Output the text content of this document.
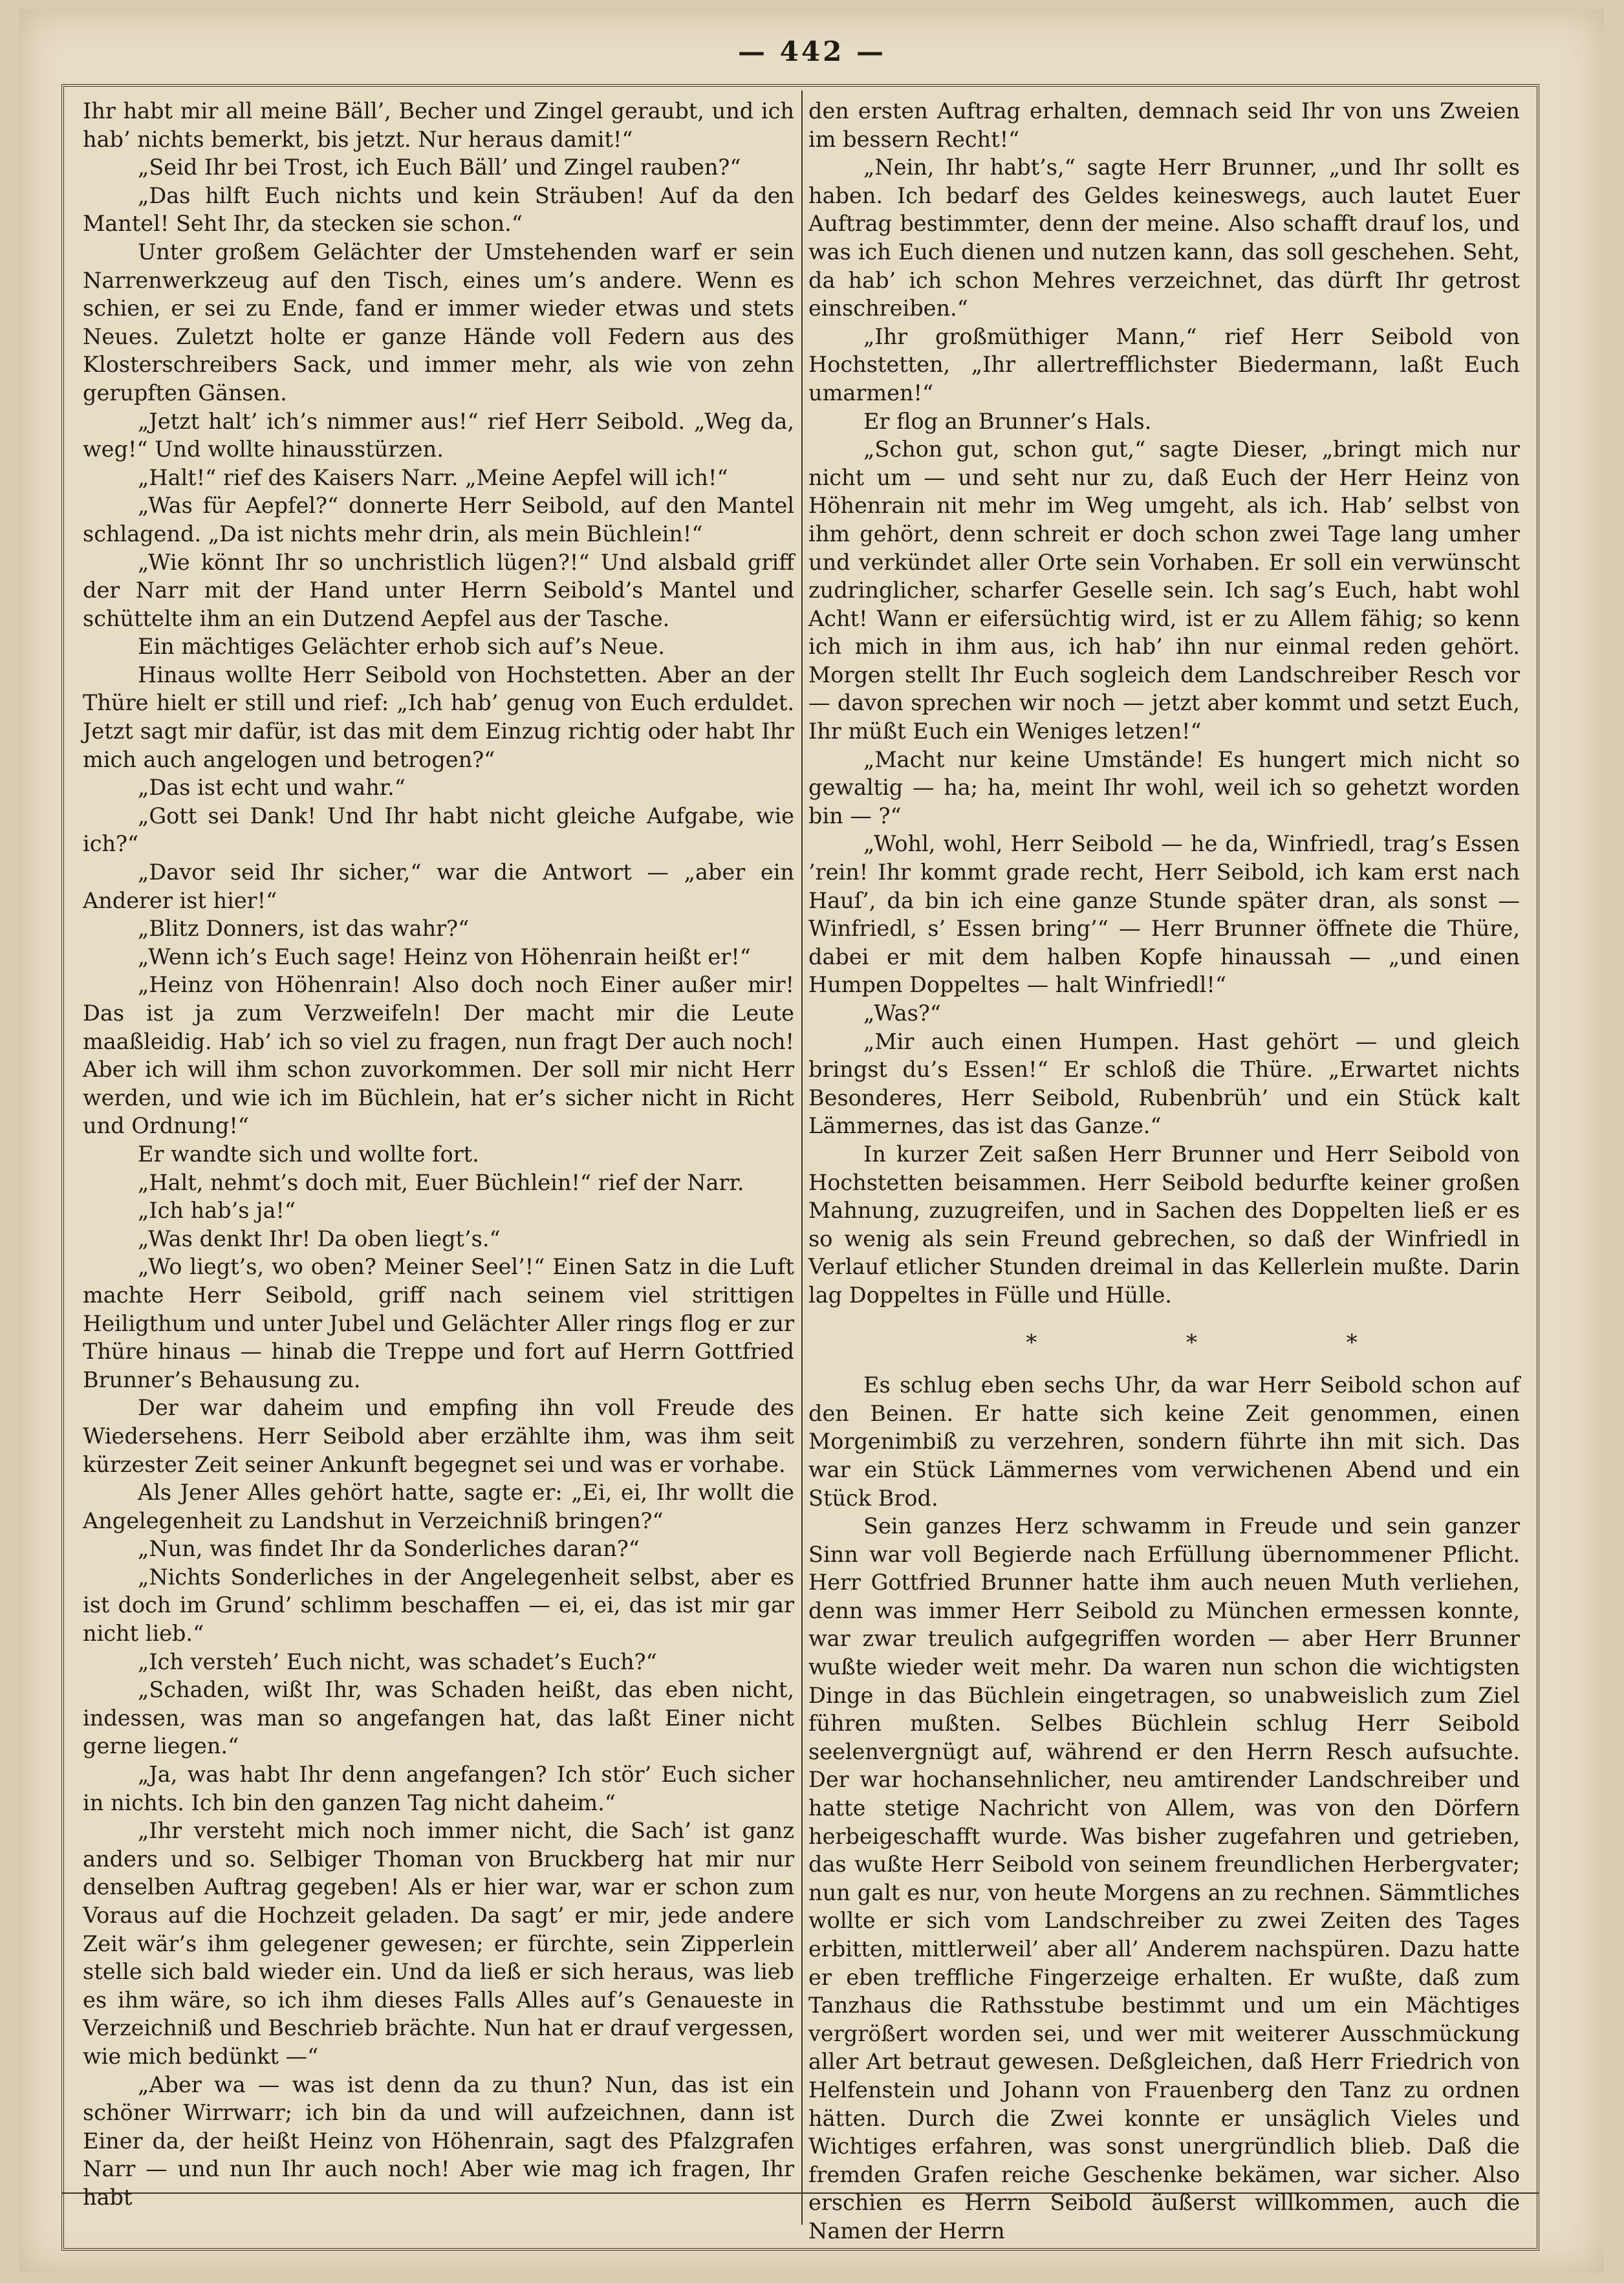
— 442 —

Ihr habt mir all meine Bäll’, Becher und Zingel geraubt, und ich hab’ nichts bemerkt, bis jetzt. Nur heraus damit!“

„Seid Ihr bei Trost, ich Euch Bäll’ und Zingel rauben?“

„Das hilft Euch nichts und kein Sträuben! Auf da den Mantel! Seht Ihr, da stecken sie schon.“

Unter großem Gelächter der Umstehenden warf er sein Narrenwerkzeug auf den Tisch, eines um’s andere. Wenn es schien, er sei zu Ende, fand er immer wieder etwas und stets Neues. Zuletzt holte er ganze Hände voll Federn aus des Klosterschreibers Sack, und immer mehr, als wie von zehn gerupften Gänsen.

„Jetzt halt’ ich’s nimmer aus!“ rief Herr Seibold. „Weg da, weg!“ Und wollte hinausstürzen.

„Halt!“ rief des Kaisers Narr. „Meine Aepfel will ich!“

„Was für Aepfel?“ donnerte Herr Seibold, auf den Mantel schlagend. „Da ist nichts mehr drin, als mein Büchlein!“

„Wie könnt Ihr so unchristlich lügen?!“ Und alsbald griff der Narr mit der Hand unter Herrn Seibold’s Mantel und schüttelte ihm an ein Dutzend Aepfel aus der Tasche.

Ein mächtiges Gelächter erhob sich auf’s Neue.

Hinaus wollte Herr Seibold von Hochstetten. Aber an der Thüre hielt er still und rief: „Ich hab’ genug von Euch erduldet. Jetzt sagt mir dafür, ist das mit dem Einzug richtig oder habt Ihr mich auch angelogen und betrogen?“

„Das ist echt und wahr.“

„Gott sei Dank! Und Ihr habt nicht gleiche Aufgabe, wie ich?“

„Davor seid Ihr sicher,“ war die Antwort — „aber ein Anderer ist hier!“

„Blitz Donners, ist das wahr?“

„Wenn ich’s Euch sage! Heinz von Höhenrain heißt er!“

„Heinz von Höhenrain! Also doch noch Einer außer mir! Das ist ja zum Verzweifeln! Der macht mir die Leute maaßleidig. Hab’ ich so viel zu fragen, nun fragt Der auch noch! Aber ich will ihm schon zuvorkommen. Der soll mir nicht Herr werden, und wie ich im Büchlein, hat er’s sicher nicht in Richt und Ordnung!“

Er wandte sich und wollte fort.

„Halt, nehmt’s doch mit, Euer Büchlein!“ rief der Narr.

„Ich hab’s ja!“

„Was denkt Ihr! Da oben liegt’s.“

„Wo liegt’s, wo oben? Meiner Seel’!“ Einen Satz in die Luft machte Herr Seibold, griff nach seinem viel strittigen Heiligthum und unter Jubel und Gelächter Aller rings flog er zur Thüre hinaus — hinab die Treppe und fort auf Herrn Gottfried Brunner’s Behausung zu.

Der war daheim und empfing ihn voll Freude des Wiedersehens. Herr Seibold aber erzählte ihm, was ihm seit kürzester Zeit seiner Ankunft begegnet sei und was er vorhabe.

Als Jener Alles gehört hatte, sagte er: „Ei, ei, Ihr wollt die Angelegenheit zu Landshut in Verzeichniß bringen?“

„Nun, was findet Ihr da Sonderliches daran?“

„Nichts Sonderliches in der Angelegenheit selbst, aber es ist doch im Grund’ schlimm beschaffen — ei, ei, das ist mir gar nicht lieb.“

„Ich versteh’ Euch nicht, was schadet’s Euch?“

„Schaden, wißt Ihr, was Schaden heißt, das eben nicht, indessen, was man so angefangen hat, das laßt Einer nicht gerne liegen.“

„Ja, was habt Ihr denn angefangen? Ich stör’ Euch sicher in nichts. Ich bin den ganzen Tag nicht daheim.“

„Ihr versteht mich noch immer nicht, die Sach’ ist ganz anders und so. Selbiger Thoman von Bruckberg hat mir nur denselben Auftrag gegeben! Als er hier war, war er schon zum Voraus auf die Hochzeit geladen. Da sagt’ er mir, jede andere Zeit wär’s ihm gelegener gewesen; er fürchte, sein Zipperlein stelle sich bald wieder ein. Und da ließ er sich heraus, was lieb es ihm wäre, so ich ihm dieses Falls Alles auf’s Genaueste in Verzeichniß und Beschrieb brächte. Nun hat er drauf vergessen, wie mich bedünkt —“

„Aber wa — was ist denn da zu thun? Nun, das ist ein schöner Wirrwarr; ich bin da und will aufzeichnen, dann ist Einer da, der heißt Heinz von Höhenrain, sagt des Pfalzgrafen Narr — und nun Ihr auch noch! Aber wie mag ich fragen, Ihr habt

den ersten Auftrag erhalten, demnach seid Ihr von uns Zweien im bessern Recht!“

„Nein, Ihr habt’s,“ sagte Herr Brunner, „und Ihr sollt es haben. Ich bedarf des Geldes keineswegs, auch lautet Euer Auftrag bestimmter, denn der meine. Also schafft drauf los, und was ich Euch dienen und nutzen kann, das soll geschehen. Seht, da hab’ ich schon Mehres verzeichnet, das dürft Ihr getrost einschreiben.“

„Ihr großmüthiger Mann,“ rief Herr Seibold von Hochstetten, „Ihr allertrefflichster Biedermann, laßt Euch umarmen!“

Er flog an Brunner’s Hals.

„Schon gut, schon gut,“ sagte Dieser, „bringt mich nur nicht um — und seht nur zu, daß Euch der Herr Heinz von Höhenrain nit mehr im Weg umgeht, als ich. Hab’ selbst von ihm gehört, denn schreit er doch schon zwei Tage lang umher und verkündet aller Orte sein Vorhaben. Er soll ein verwünscht zudringlicher, scharfer Geselle sein. Ich sag’s Euch, habt wohl Acht! Wann er eifersüchtig wird, ist er zu Allem fähig; so kenn ich mich in ihm aus, ich hab’ ihn nur einmal reden gehört. Morgen stellt Ihr Euch sogleich dem Landschreiber Resch vor — davon sprechen wir noch — jetzt aber kommt und setzt Euch, Ihr müßt Euch ein Weniges letzen!“

„Macht nur keine Umstände! Es hungert mich nicht so gewaltig — ha; ha, meint Ihr wohl, weil ich so gehetzt worden bin — ?“

„Wohl, wohl, Herr Seibold — he da, Winfriedl, trag’s Essen ’rein! Ihr kommt grade recht, Herr Seibold, ich kam erst nach Hauſ’, da bin ich eine ganze Stunde später dran, als sonst — Winfriedl, s’ Essen bring’“ — Herr Brunner öffnete die Thüre, dabei er mit dem halben Kopfe hinaussah — „und einen Humpen Doppeltes — halt Winfriedl!“

„Was?“

„Mir auch einen Humpen. Hast gehört — und gleich bringst du’s Essen!“ Er schloß die Thüre. „Erwartet nichts Besonderes, Herr Seibold, Rubenbrüh’ und ein Stück kalt Lämmernes, das ist das Ganze.“

In kurzer Zeit saßen Herr Brunner und Herr Seibold von Hochstetten beisammen. Herr Seibold bedurfte keiner großen Mahnung, zuzugreifen, und in Sachen des Doppelten ließ er es so wenig als sein Freund gebrechen, so daß der Winfriedl in Verlauf etlicher Stunden dreimal in das Kellerlein mußte. Darin lag Doppeltes in Fülle und Hülle.

* * *

Es schlug eben sechs Uhr, da war Herr Seibold schon auf den Beinen. Er hatte sich keine Zeit genommen, einen Morgenimbiß zu verzehren, sondern führte ihn mit sich. Das war ein Stück Lämmernes vom verwichenen Abend und ein Stück Brod.

Sein ganzes Herz schwamm in Freude und sein ganzer Sinn war voll Begierde nach Erfüllung übernommener Pflicht. Herr Gottfried Brunner hatte ihm auch neuen Muth verliehen, denn was immer Herr Seibold zu München ermessen konnte, war zwar treulich aufgegriffen worden — aber Herr Brunner wußte wieder weit mehr. Da waren nun schon die wichtigsten Dinge in das Büchlein eingetragen, so unabweislich zum Ziel führen mußten. Selbes Büchlein schlug Herr Seibold seelenvergnügt auf, während er den Herrn Resch aufsuchte. Der war hochansehnlicher, neu amtirender Landschreiber und hatte stetige Nachricht von Allem, was von den Dörfern herbeigeschafft wurde. Was bisher zugefahren und getrieben, das wußte Herr Seibold von seinem freundlichen Herbergvater; nun galt es nur, von heute Morgens an zu rechnen. Sämmtliches wollte er sich vom Landschreiber zu zwei Zeiten des Tages erbitten, mittlerweil’ aber all’ Anderem nachspüren. Dazu hatte er eben treffliche Fingerzeige erhalten. Er wußte, daß zum Tanzhaus die Rathsstube bestimmt und um ein Mächtiges vergrößert worden sei, und wer mit weiterer Ausschmückung aller Art betraut gewesen. Deßgleichen, daß Herr Friedrich von Helfenstein und Johann von Frauenberg den Tanz zu ordnen hätten. Durch die Zwei konnte er unsäglich Vieles und Wichtiges erfahren, was sonst unergründlich blieb. Daß die fremden Grafen reiche Geschenke bekämen, war sicher. Also erschien es Herrn Seibold äußerst willkommen, auch die Namen der Herrn
